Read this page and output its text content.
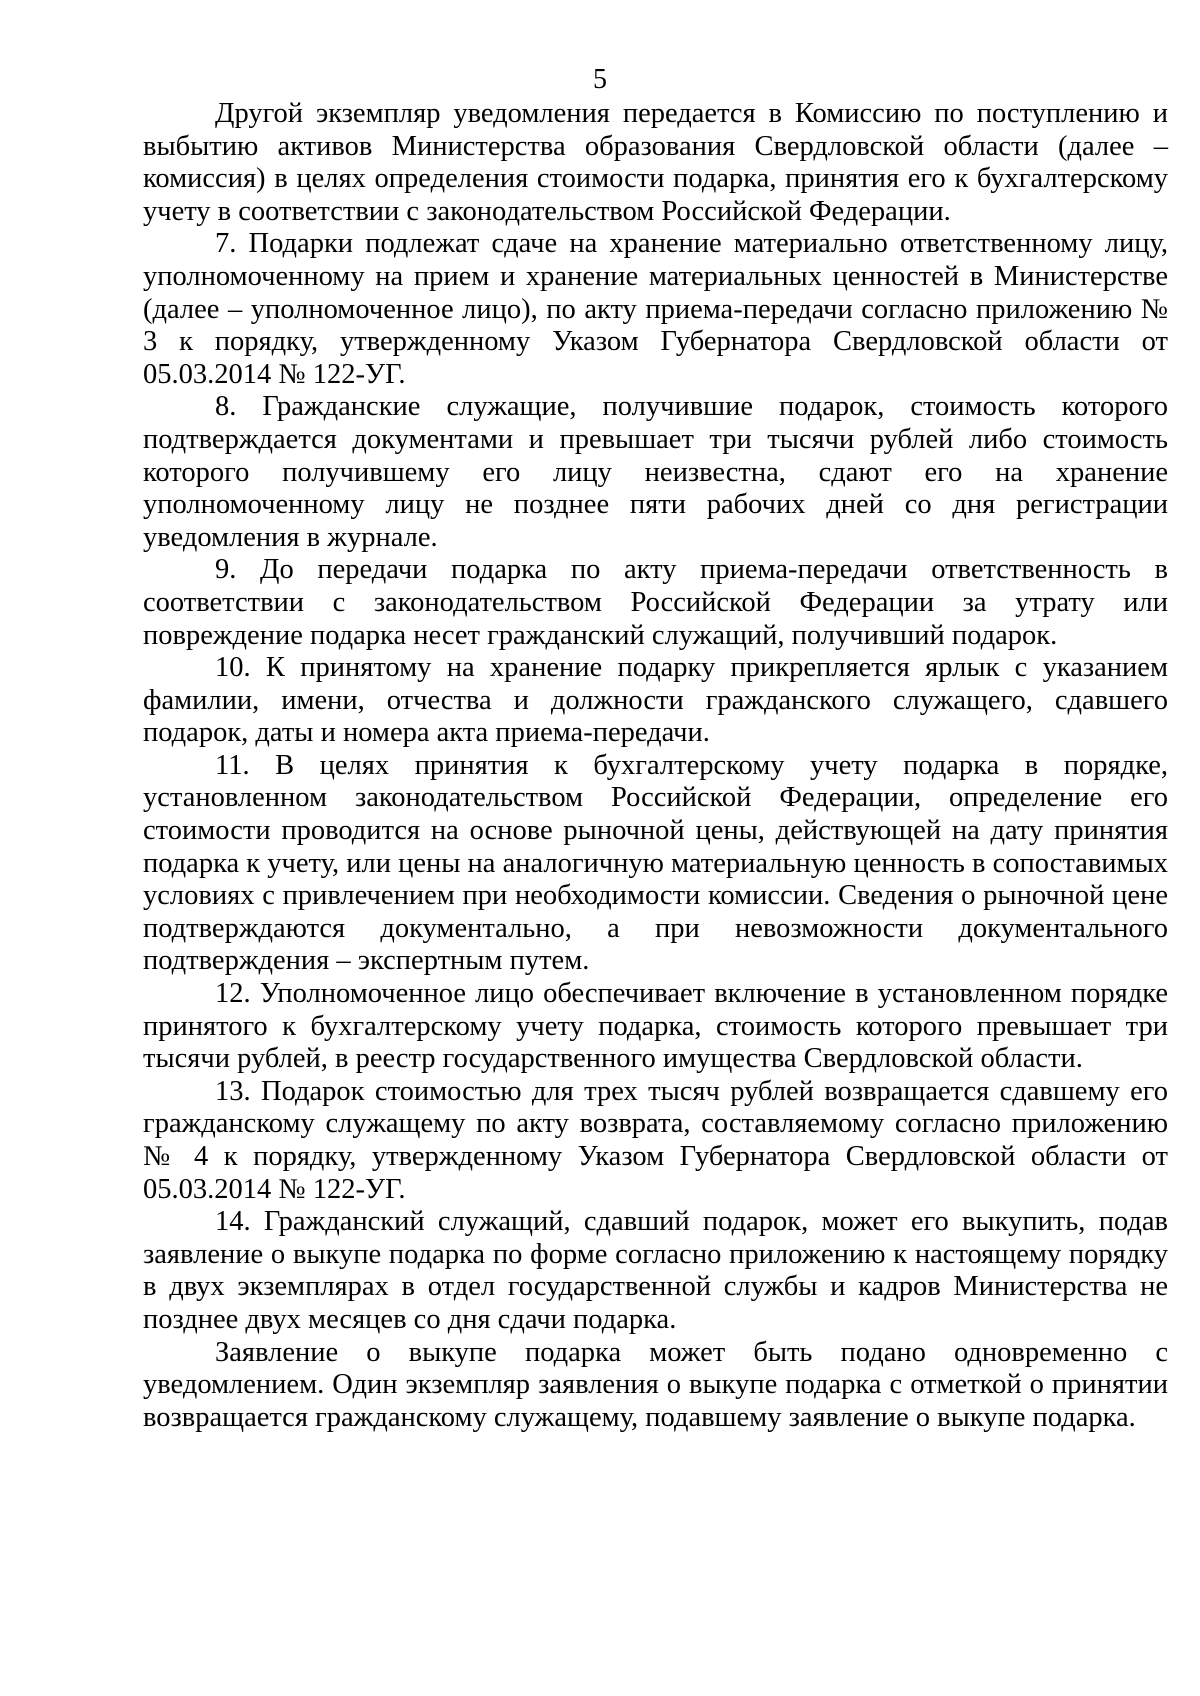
5

Другой экземпляр уведомления передается в Комиссию по поступлению и выбытию активов Министерства образования Свердловской области (далее – комиссия) в целях определения стоимости подарка, принятия его к бухгалтерскому учету в соответствии с законодательством Российской Федерации.

7. Подарки подлежат сдаче на хранение материально ответственному лицу, уполномоченному на прием и хранение материальных ценностей в Министерстве (далее – уполномоченное лицо), по акту приема-передачи согласно приложению № 3 к порядку, утвержденному Указом Губернатора Свердловской области от 05.03.2014 № 122-УГ.

8. Гражданские служащие, получившие подарок, стоимость которого подтверждается документами и превышает три тысячи рублей либо стоимость которого получившему его лицу неизвестна, сдают его на хранение уполномоченному лицу не позднее пяти рабочих дней со дня регистрации уведомления в журнале.

9. До передачи подарка по акту приема-передачи ответственность в соответствии с законодательством Российской Федерации за утрату или повреждение подарка несет гражданский служащий, получивший подарок.

10. К принятому на хранение подарку прикрепляется ярлык с указанием фамилии, имени, отчества и должности гражданского служащего, сдавшего подарок, даты и номера акта приема-передачи.

11. В целях принятия к бухгалтерскому учету подарка в порядке, установленном законодательством Российской Федерации, определение его стоимости проводится на основе рыночной цены, действующей на дату принятия подарка к учету, или цены на аналогичную материальную ценность в сопоставимых условиях с привлечением при необходимости комиссии. Сведения о рыночной цене подтверждаются документально, а при невозможности документального подтверждения – экспертным путем.

12. Уполномоченное лицо обеспечивает включение в установленном порядке принятого к бухгалтерскому учету подарка, стоимость которого превышает три тысячи рублей, в реестр государственного имущества Свердловской области.

13. Подарок стоимостью для трех тысяч рублей возвращается сдавшему его гражданскому служащему по акту возврата, составляемому согласно приложению № 4 к порядку, утвержденному Указом Губернатора Свердловской области от 05.03.2014 № 122-УГ.

14. Гражданский служащий, сдавший подарок, может его выкупить, подав заявление о выкупе подарка по форме согласно приложению к настоящему порядку в двух экземплярах в отдел государственной службы и кадров Министерства не позднее двух месяцев со дня сдачи подарка.

Заявление о выкупе подарка может быть подано одновременно с уведомлением. Один экземпляр заявления о выкупе подарка с отметкой о принятии возвращается гражданскому служащему, подавшему заявление о выкупе подарка.
